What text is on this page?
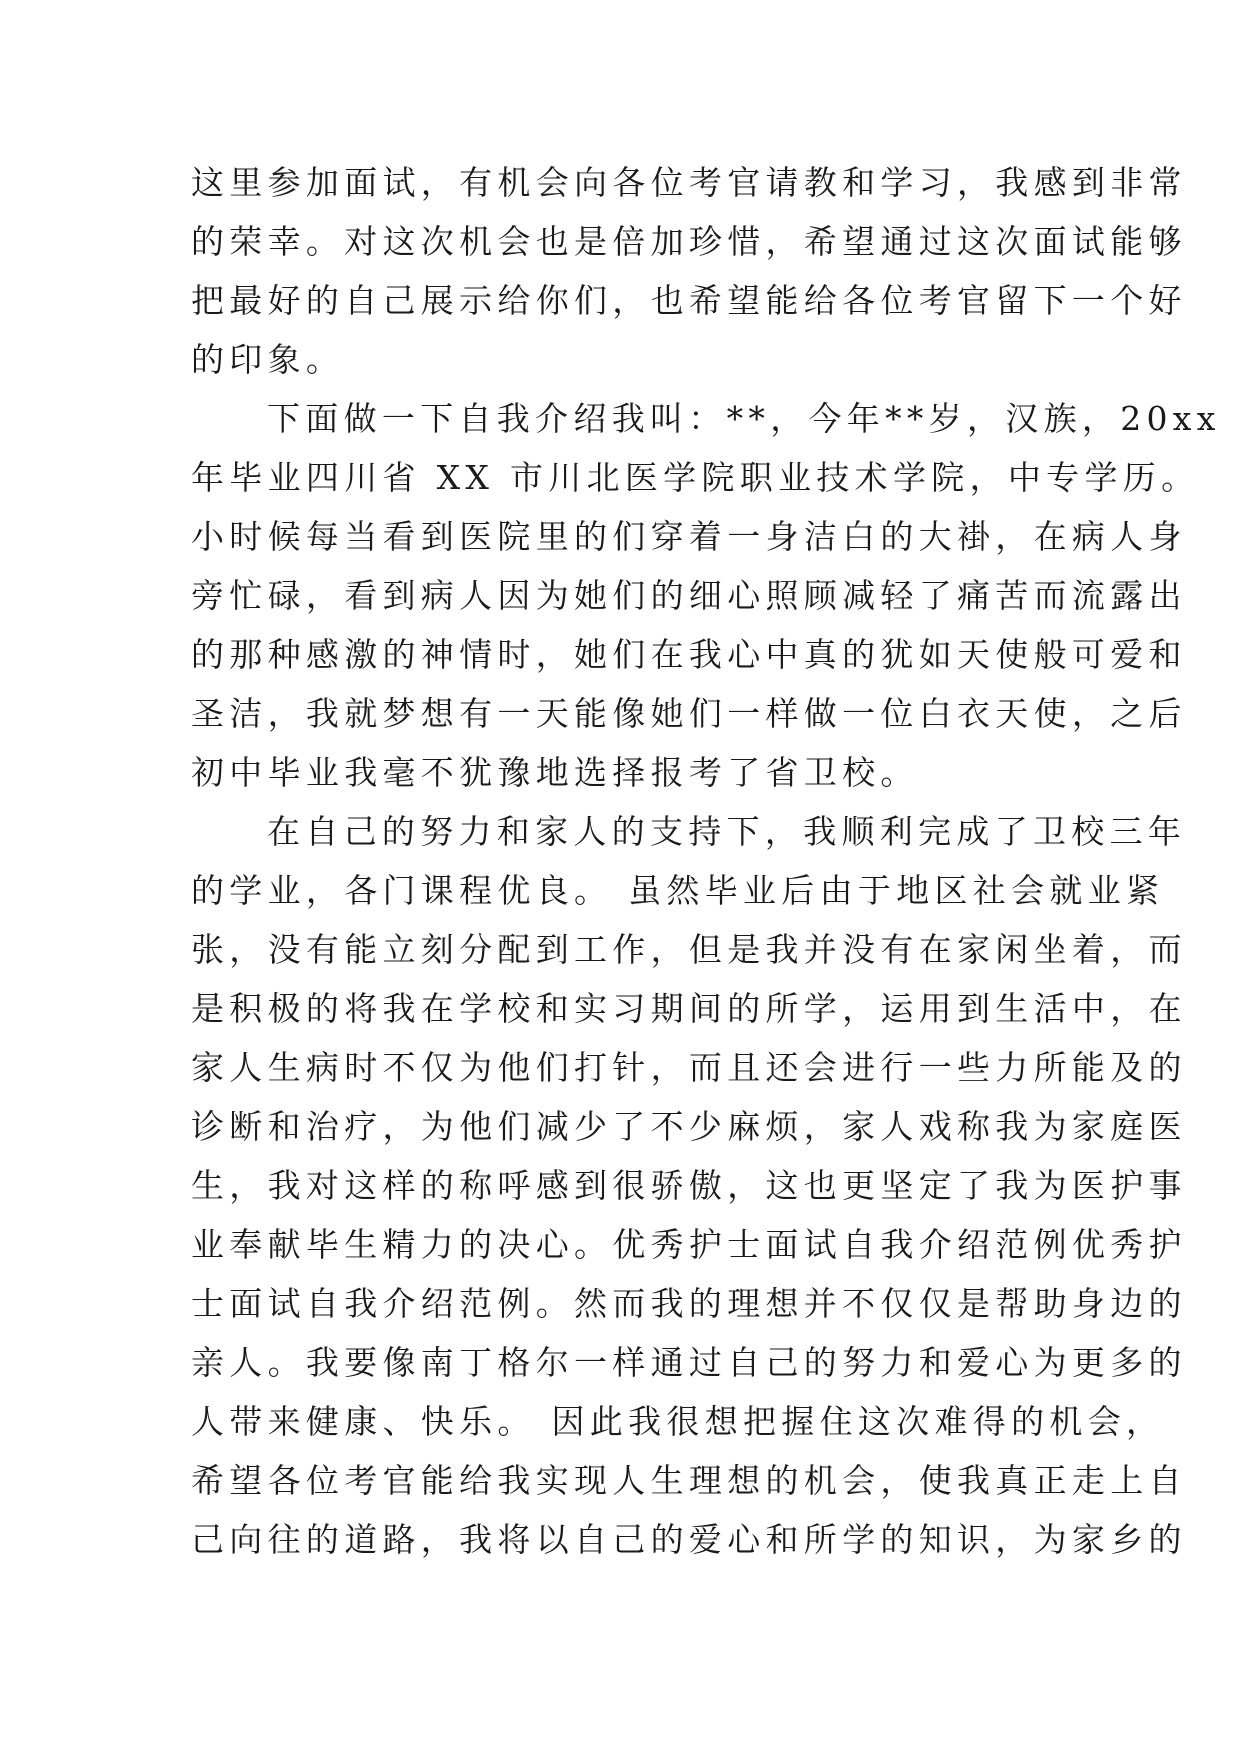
这里参加面试，有机会向各位考官请教和学习，我感到非常
的荣幸。对这次机会也是倍加珍惜，希望通过这次面试能够
把最好的自己展示给你们，也希望能给各位考官留下一个好
的印象。
下面做一下自我介绍我叫：**，今年**岁，汉族，20xx
年毕业四川省 XX 市川北医学院职业技术学院，中专学历。
小时候每当看到医院里的们穿着一身洁白的大褂，在病人身
旁忙碌，看到病人因为她们的细心照顾减轻了痛苦而流露出
的那种感激的神情时，她们在我心中真的犹如天使般可爱和
圣洁，我就梦想有一天能像她们一样做一位白衣天使，之后
初中毕业我毫不犹豫地选择报考了省卫校。
在自己的努力和家人的支持下，我顺利完成了卫校三年
的学业，各门课程优良。 虽然毕业后由于地区社会就业紧
张，没有能立刻分配到工作，但是我并没有在家闲坐着，而
是积极的将我在学校和实习期间的所学，运用到生活中，在
家人生病时不仅为他们打针，而且还会进行一些力所能及的
诊断和治疗，为他们减少了不少麻烦，家人戏称我为家庭医
生，我对这样的称呼感到很骄傲，这也更坚定了我为医护事
业奉献毕生精力的决心。优秀护士面试自我介绍范例优秀护
士面试自我介绍范例。然而我的理想并不仅仅是帮助身边的
亲人。我要像南丁格尔一样通过自己的努力和爱心为更多的
人带来健康、快乐。 因此我很想把握住这次难得的机会，
希望各位考官能给我实现人生理想的机会，使我真正走上自
己向往的道路，我将以自己的爱心和所学的知识，为家乡的
